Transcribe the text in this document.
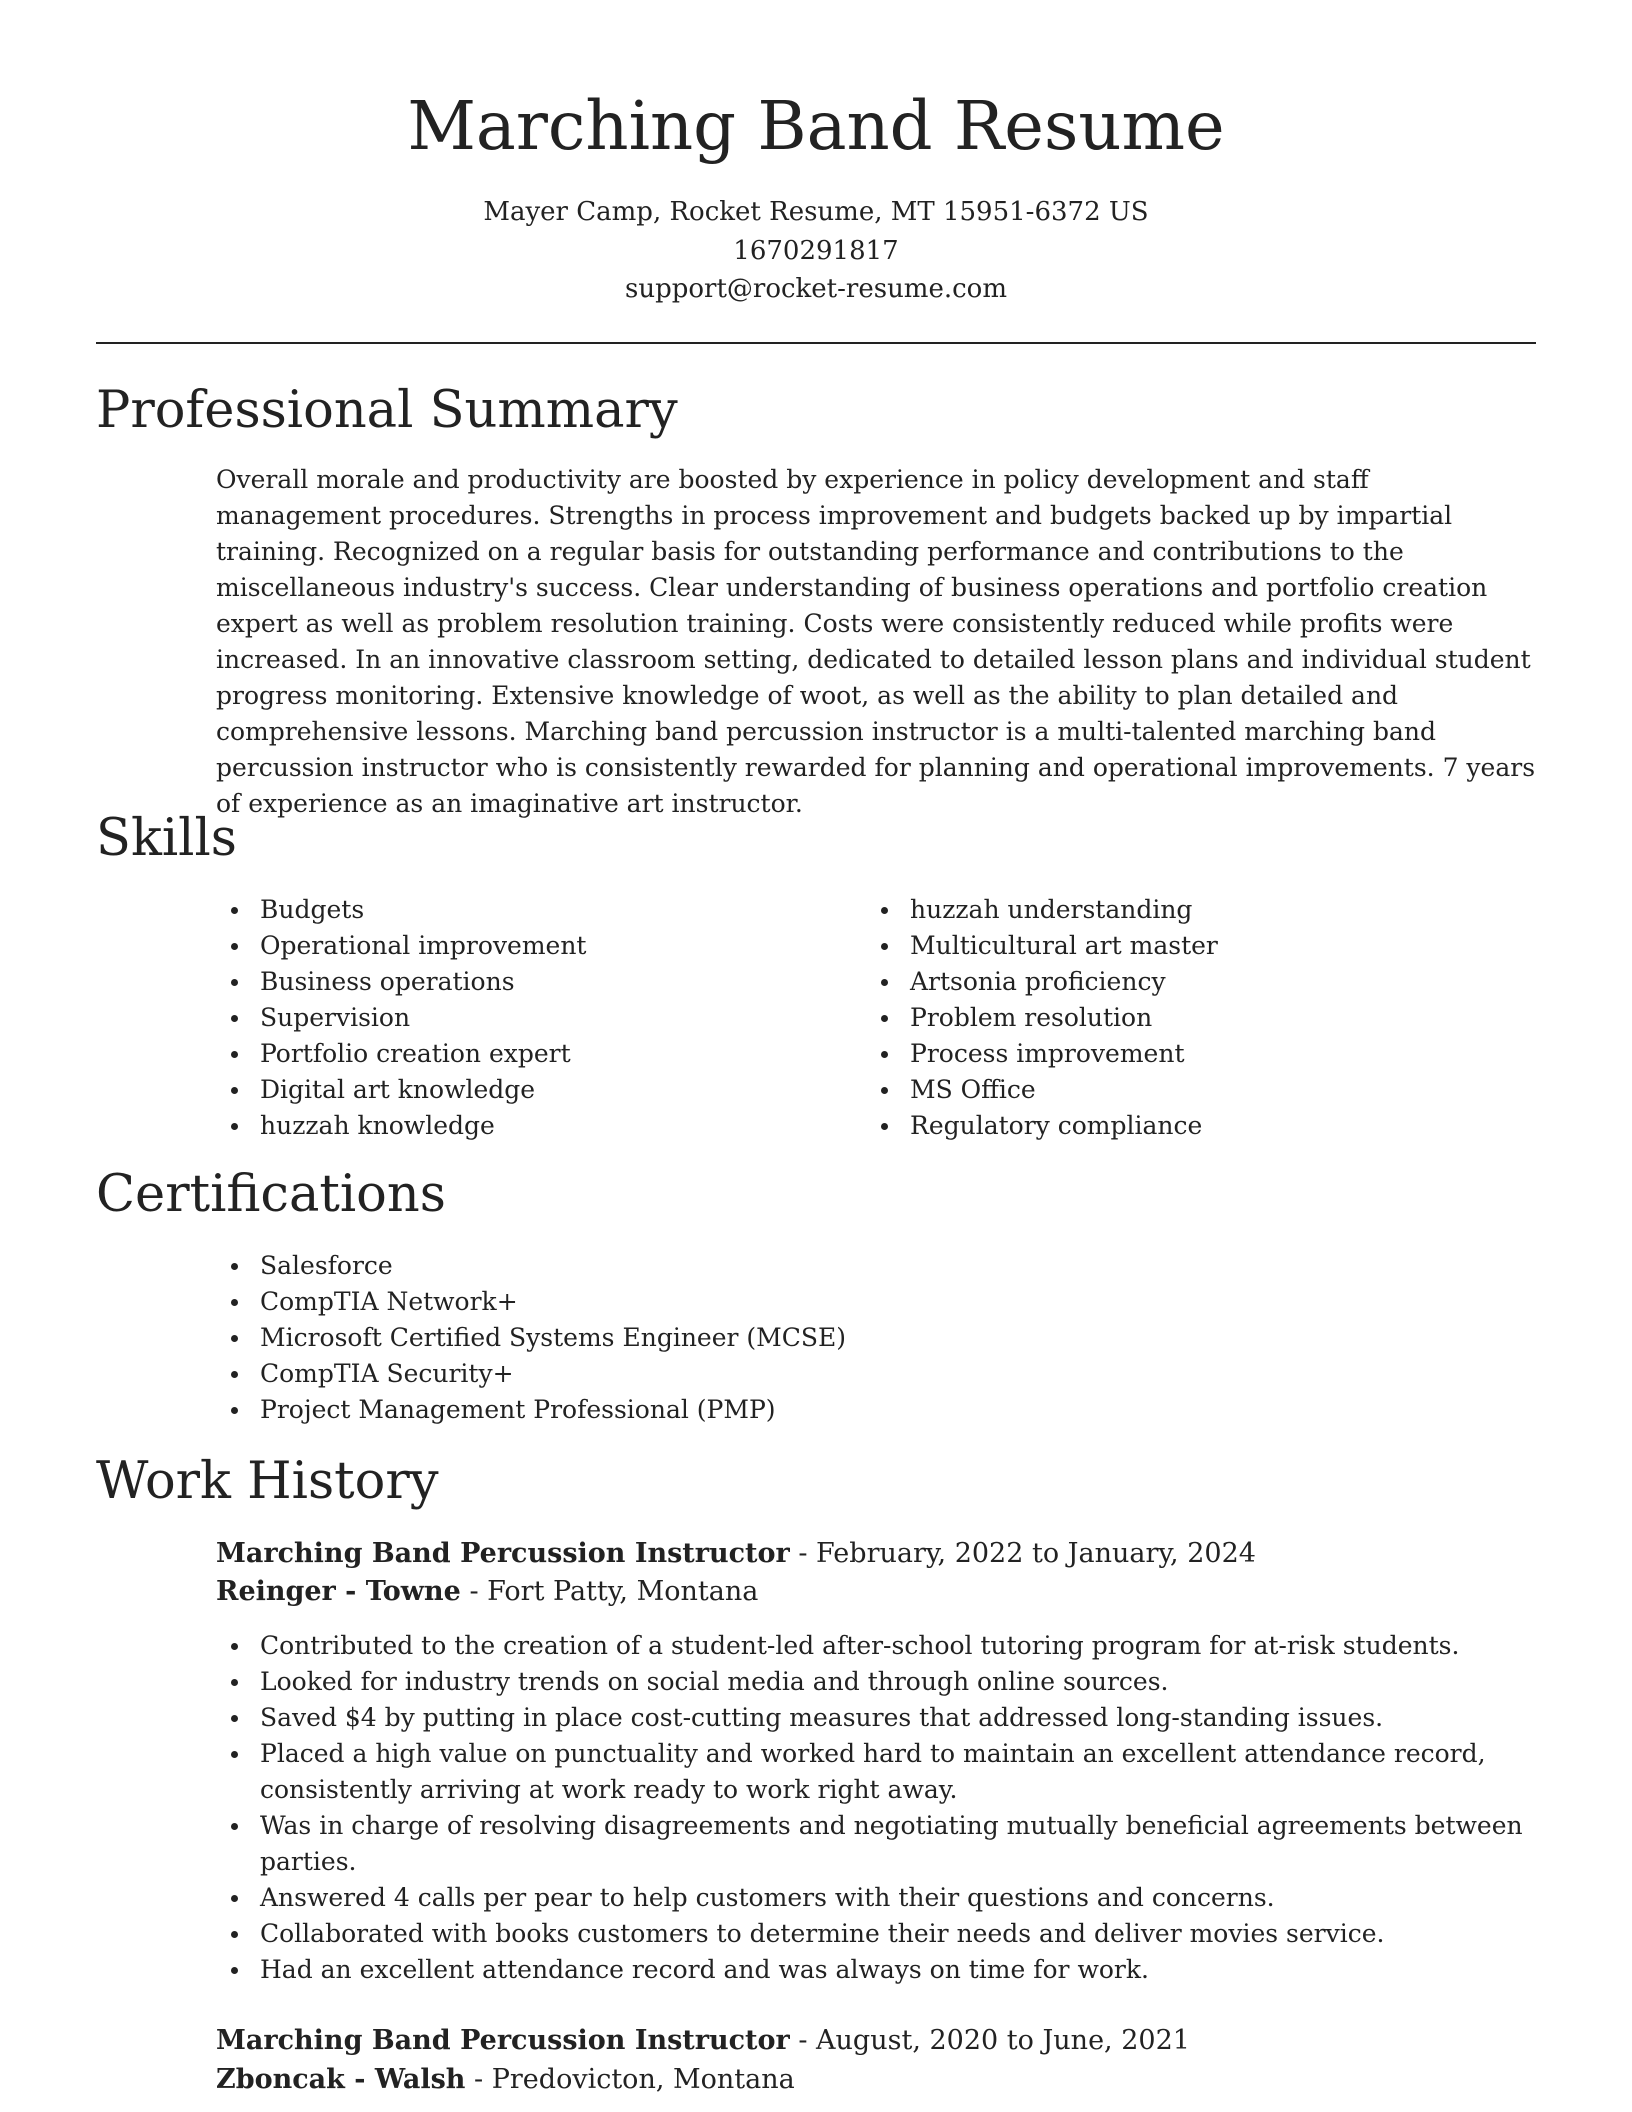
Marching Band Resume
Mayer Camp, Rocket Resume, MT 15951-6372 US
1670291817
support@rocket-resume.com
Professional Summary

Overall morale and productivity are boosted by experience in policy development and staff management procedures. Strengths in process improvement and budgets backed up by impartial training. Recognized on a regular basis for outstanding performance and contributions to the miscellaneous industry's success. Clear understanding of business operations and portfolio creation expert as well as problem resolution training. Costs were consistently reduced while profits were increased. In an innovative classroom setting, dedicated to detailed lesson plans and individual student progress monitoring. Extensive knowledge of woot, as well as the ability to plan detailed and comprehensive lessons. Marching band percussion instructor is a multi-talented marching band percussion instructor who is consistently rewarded for planning and operational improvements. 7 years of experience as an imaginative art instructor.

Skills
Budgets
Operational improvement
Business operations
Supervision
Portfolio creation expert
Digital art knowledge
huzzah knowledge
huzzah understanding
Multicultural art master
Artsonia proficiency
Problem resolution
Process improvement
MS Office
Regulatory compliance
Certifications
Salesforce
CompTIA Network+
Microsoft Certified Systems Engineer (MCSE)
CompTIA Security+
Project Management Professional (PMP)
Work History
Marching Band Percussion Instructor - February, 2022 to January, 2024
Reinger - Towne - Fort Patty, Montana
Contributed to the creation of a student-led after-school tutoring program for at-risk students.
Looked for industry trends on social media and through online sources.
Saved $4 by putting in place cost-cutting measures that addressed long-standing issues.
Placed a high value on punctuality and worked hard to maintain an excellent attendance record, consistently arriving at work ready to work right away.
Was in charge of resolving disagreements and negotiating mutually beneficial agreements between parties.
Answered 4 calls per pear to help customers with their questions and concerns.
Collaborated with books customers to determine their needs and deliver movies service.
Had an excellent attendance record and was always on time for work.
Marching Band Percussion Instructor - August, 2020 to June, 2021
Zboncak - Walsh - Predovicton, Montana
